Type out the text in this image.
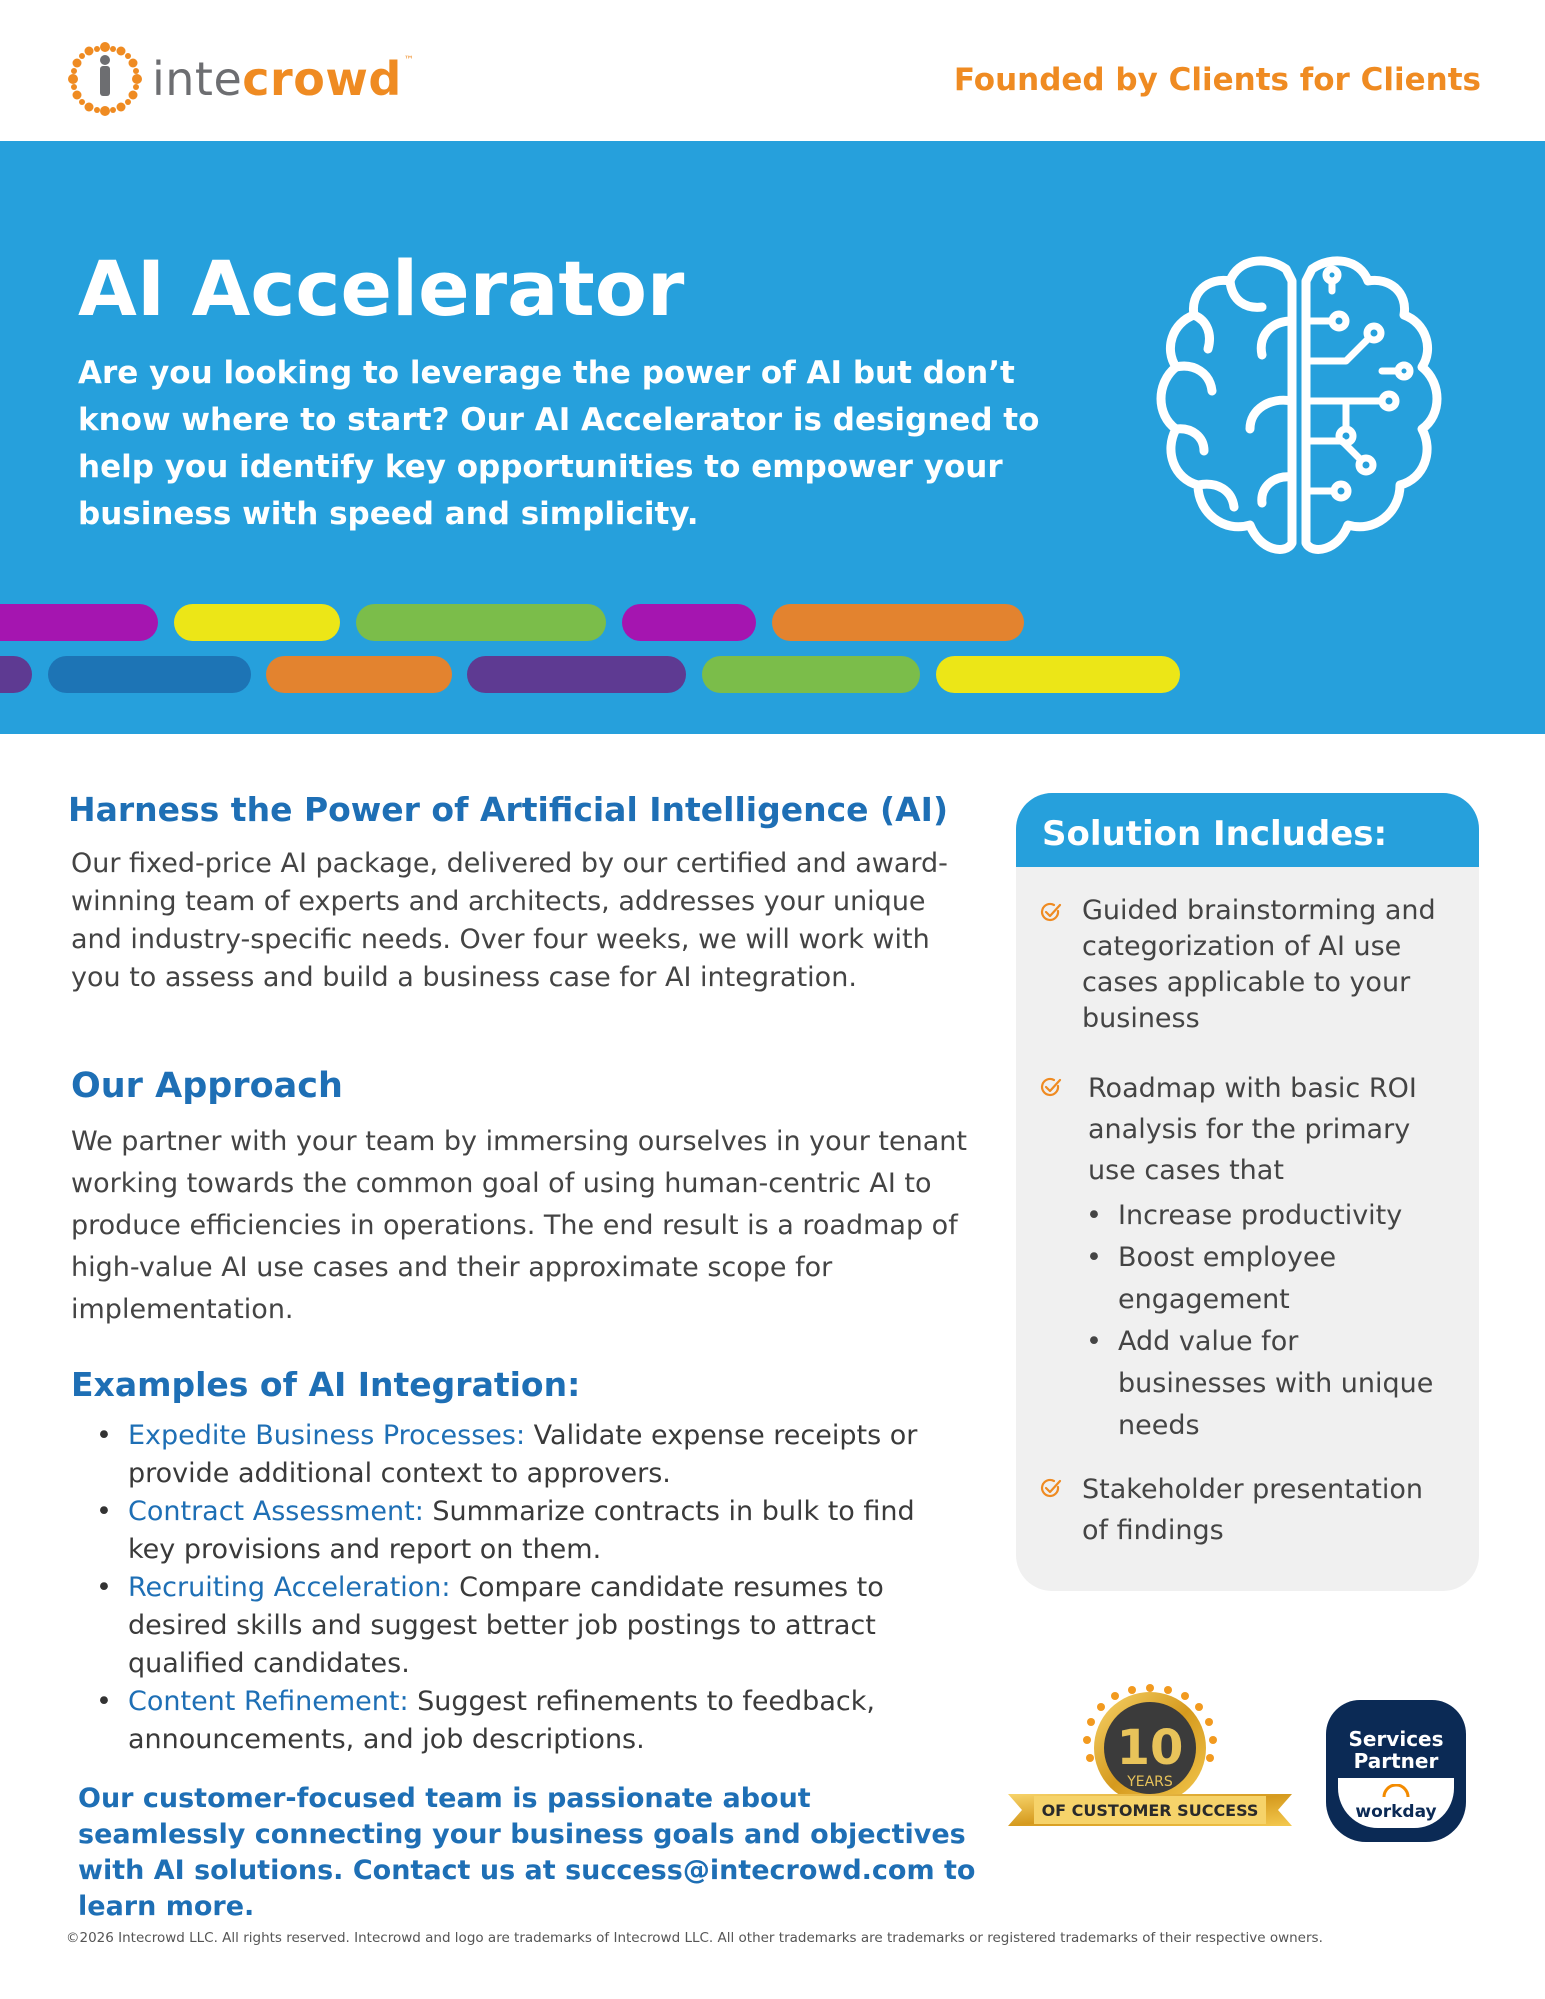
intecrowd ™
Founded by Clients for Clients
AI Accelerator
Are you looking to leverage the power of AI but don’t know where to start? Our AI Accelerator is designed to help you identify key opportunities to empower your business with speed and simplicity.
Harness the Power of Artificial Intelligence (AI)
Our fixed-price AI package, delivered by our certified and award-winning team of experts and architects, addresses your unique and industry-specific needs. Over four weeks, we will work with you to assess and build a business case for AI integration.
Our Approach
We partner with your team by immersing ourselves in your tenant working towards the common goal of using human-centric AI to produce efficiencies in operations. The end result is a roadmap of high-value AI use cases and their approximate scope for implementation.
Examples of AI Integration:
• Expedite Business Processes: Validate expense receipts or provide additional context to approvers.
• Contract Assessment: Summarize contracts in bulk to find key provisions and report on them.
• Recruiting Acceleration: Compare candidate resumes to desired skills and suggest better job postings to attract qualified candidates.
• Content Refinement: Suggest refinements to feedback, announcements, and job descriptions.
Our customer-focused team is passionate about seamlessly connecting your business goals and objectives with AI solutions. Contact us at success@intecrowd.com to learn more.
Solution Includes:
Guided brainstorming and categorization of AI use cases applicable to your business
Roadmap with basic ROI analysis for the primary use cases that
• Increase productivity
• Boost employee engagement
• Add value for businesses with unique needs
Stakeholder presentation of findings
10
YEARS
OF CUSTOMER SUCCESS
Services
Partner
workday
©2026 Intecrowd LLC. All rights reserved. Intecrowd and logo are trademarks of Intecrowd LLC. All other trademarks are trademarks or registered trademarks of their respective owners.
